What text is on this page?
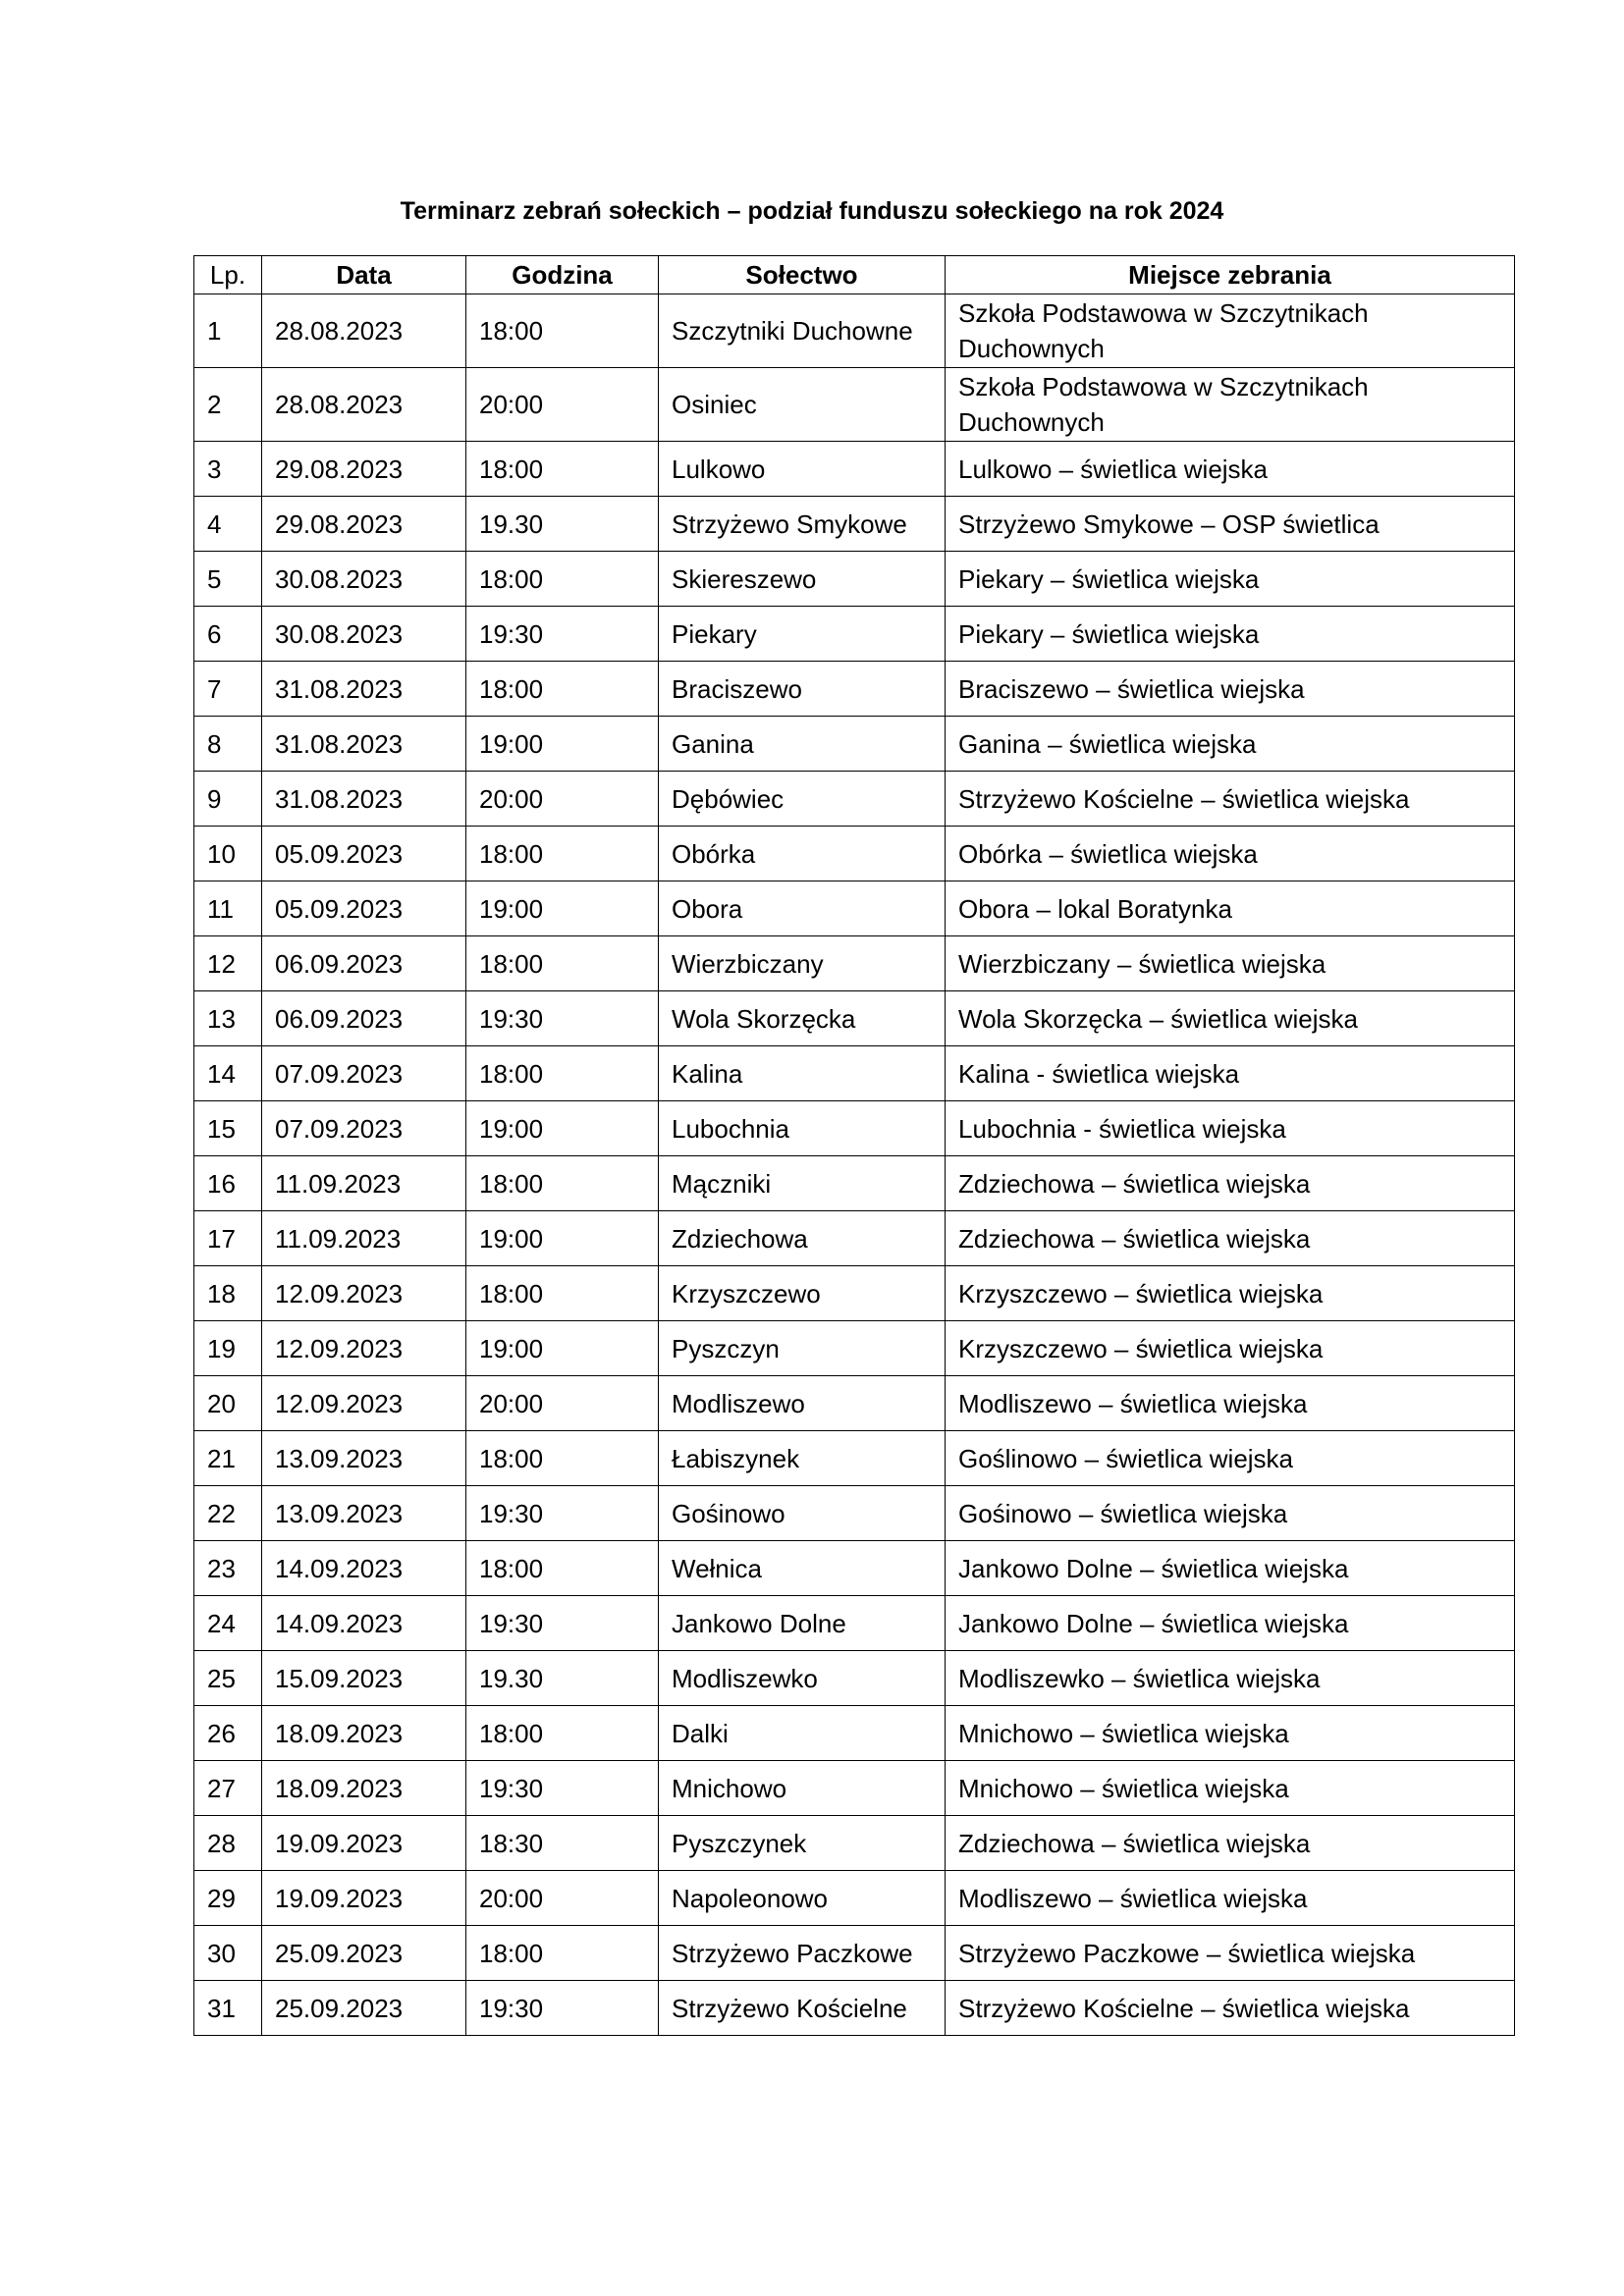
Terminarz zebrań sołeckich – podział funduszu sołeckiego na rok 2024
Lp.	Data	Godzina	Sołectwo	Miejsce zebrania
1	28.08.2023	18:00	Szczytniki Duchowne	Szkoła Podstawowa w Szczytnikach Duchownych
2	28.08.2023	20:00	Osiniec	Szkoła Podstawowa w Szczytnikach Duchownych
3	29.08.2023	18:00	Lulkowo	Lulkowo – świetlica wiejska
4	29.08.2023	19.30	Strzyżewo Smykowe	Strzyżewo Smykowe – OSP świetlica
5	30.08.2023	18:00	Skiereszewo	Piekary – świetlica wiejska
6	30.08.2023	19:30	Piekary	Piekary – świetlica wiejska
7	31.08.2023	18:00	Braciszewo	Braciszewo – świetlica wiejska
8	31.08.2023	19:00	Ganina	Ganina – świetlica wiejska
9	31.08.2023	20:00	Dębówiec	Strzyżewo Kościelne – świetlica wiejska
10	05.09.2023	18:00	Obórka	Obórka – świetlica wiejska
11	05.09.2023	19:00	Obora	Obora – lokal Boratynka
12	06.09.2023	18:00	Wierzbiczany	Wierzbiczany – świetlica wiejska
13	06.09.2023	19:30	Wola Skorzęcka	Wola Skorzęcka – świetlica wiejska
14	07.09.2023	18:00	Kalina	Kalina - świetlica wiejska
15	07.09.2023	19:00	Lubochnia	Lubochnia - świetlica wiejska
16	11.09.2023	18:00	Mączniki	Zdziechowa – świetlica wiejska
17	11.09.2023	19:00	Zdziechowa	Zdziechowa – świetlica wiejska
18	12.09.2023	18:00	Krzyszczewo	Krzyszczewo – świetlica wiejska
19	12.09.2023	19:00	Pyszczyn	Krzyszczewo – świetlica wiejska
20	12.09.2023	20:00	Modliszewo	Modliszewo – świetlica wiejska
21	13.09.2023	18:00	Łabiszynek	Goślinowo – świetlica wiejska
22	13.09.2023	19:30	Gośinowo	Gośinowo – świetlica wiejska
23	14.09.2023	18:00	Wełnica	Jankowo Dolne – świetlica wiejska
24	14.09.2023	19:30	Jankowo Dolne	Jankowo Dolne – świetlica wiejska
25	15.09.2023	19.30	Modliszewko	Modliszewko – świetlica wiejska
26	18.09.2023	18:00	Dalki	Mnichowo – świetlica wiejska
27	18.09.2023	19:30	Mnichowo	Mnichowo – świetlica wiejska
28	19.09.2023	18:30	Pyszczynek	Zdziechowa – świetlica wiejska
29	19.09.2023	20:00	Napoleonowo	Modliszewo – świetlica wiejska
30	25.09.2023	18:00	Strzyżewo Paczkowe	Strzyżewo Paczkowe – świetlica wiejska
31	25.09.2023	19:30	Strzyżewo Kościelne	Strzyżewo Kościelne – świetlica wiejska
